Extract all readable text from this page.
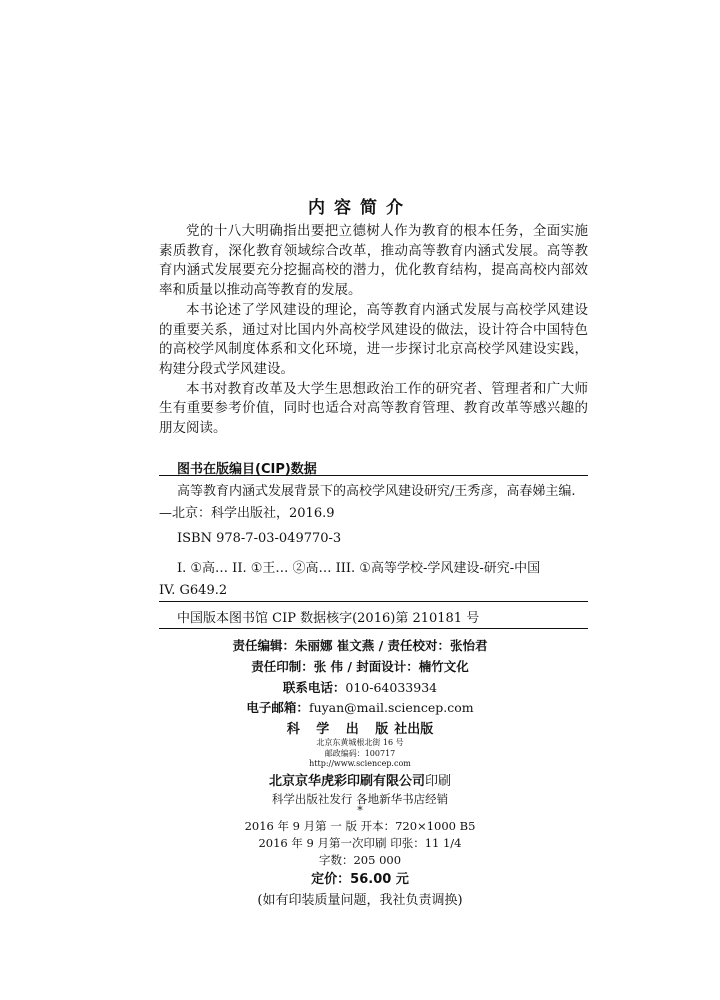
内容简介

党的十八大明确指出要把立德树人作为教育的根本任务，全面实施素质教育，深化教育领域综合改革，推动高等教育内涵式发展。高等教育内涵式发展要充分挖掘高校的潜力，优化教育结构，提高高校内部效率和质量以推动高等教育的发展。

本书论述了学风建设的理论，高等教育内涵式发展与高校学风建设的重要关系，通过对比国内外高校学风建设的做法，设计符合中国特色的高校学风制度体系和文化环境，进一步探讨北京高校学风建设实践，构建分段式学风建设。

本书对教育改革及大学生思想政治工作的研究者、管理者和广大师生有重要参考价值，同时也适合对高等教育管理、教育改革等感兴趣的朋友阅读。

图书在版编目(CIP)数据
高等教育内涵式发展背景下的高校学风建设研究/王秀彦，高春娣主编. —北京：科学出版社，2016.9
ISBN 978-7-03-049770-3
I. ①高… II. ①王… ②高… III. ①高等学校-学风建设-研究-中国
IV. G649.2
中国版本图书馆 CIP 数据核字(2016)第 210181 号
责任编辑：朱丽娜 崔文燕 / 责任校对：张怡君
责任印制：张 伟 / 封面设计：楠竹文化
联系电话：010-64033934
电子邮箱：fuyan@mail.sciencep.com
科 学 出 版社出版
北京东黄城根北街 16 号
邮政编码：100717
http://www.sciencep.com
北京京华虎彩印刷有限公司印刷
科学出版社发行 各地新华书店经销
*
2016 年 9 月第 一 版 开本：720×1000 B5
2016 年 9 月第一次印刷 印张：11 1/4
字数：205 000
定价：56.00 元
(如有印装质量问题，我社负责调换)
